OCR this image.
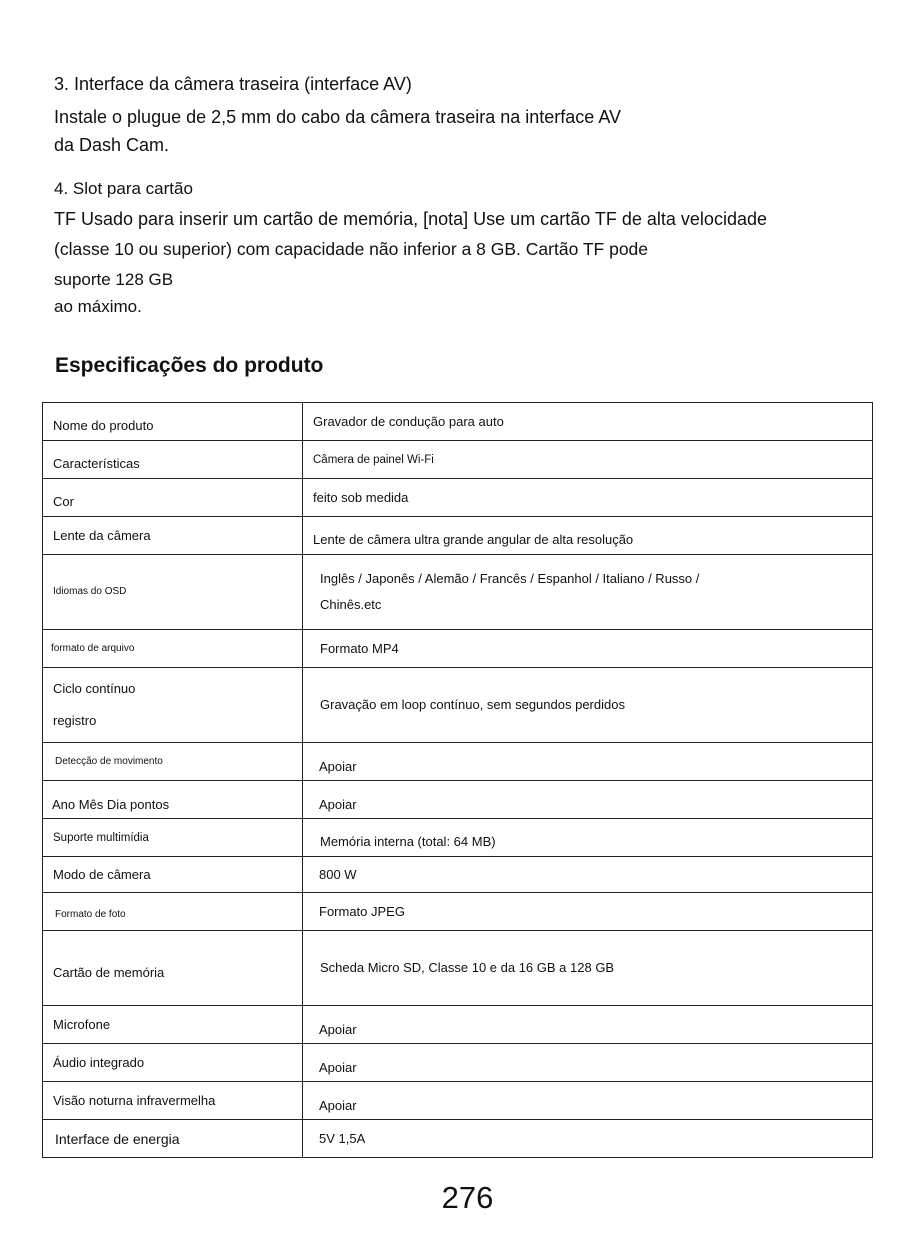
3. Interface da câmera traseira (interface AV)
Instale o plugue de 2,5 mm do cabo da câmera traseira na interface AV
da Dash Cam.
4. Slot para cartão
TF Usado para inserir um cartão de memória, [nota] Use um cartão TF de alta velocidade
(classe 10 ou superior) com capacidade não inferior a 8 GB. Cartão TF pode
suporte 128 GB
ao máximo.
Especificações do produto
Nome do produto	Gravador de condução para auto
Características	Câmera de painel Wi-Fi
Cor	feito sob medida
Lente da câmera	Lente de câmera ultra grande angular de alta resolução
Idiomas do OSD	Inglês / Japonês / Alemão / Francês / Espanhol / Italiano / Russo /
Chinês.etc

formato de arquivo	Formato MP4

Ciclo contínuo
registro	Gravação em loop contínuo, sem segundos perdidos
Detecção de movimento	Apoiar
Ano Mês Dia pontos	Apoiar
Suporte multimídia	Memória interna (total: 64 MB)
Modo de câmera	800 W
Formato de foto	Formato JPEG
Cartão de memória	Scheda Micro SD, Classe 10 e da 16 GB a 128 GB
Microfone	Apoiar
Áudio integrado	Apoiar
Visão noturna infravermelha	Apoiar
Interface de energia	5V 1,5A
276
